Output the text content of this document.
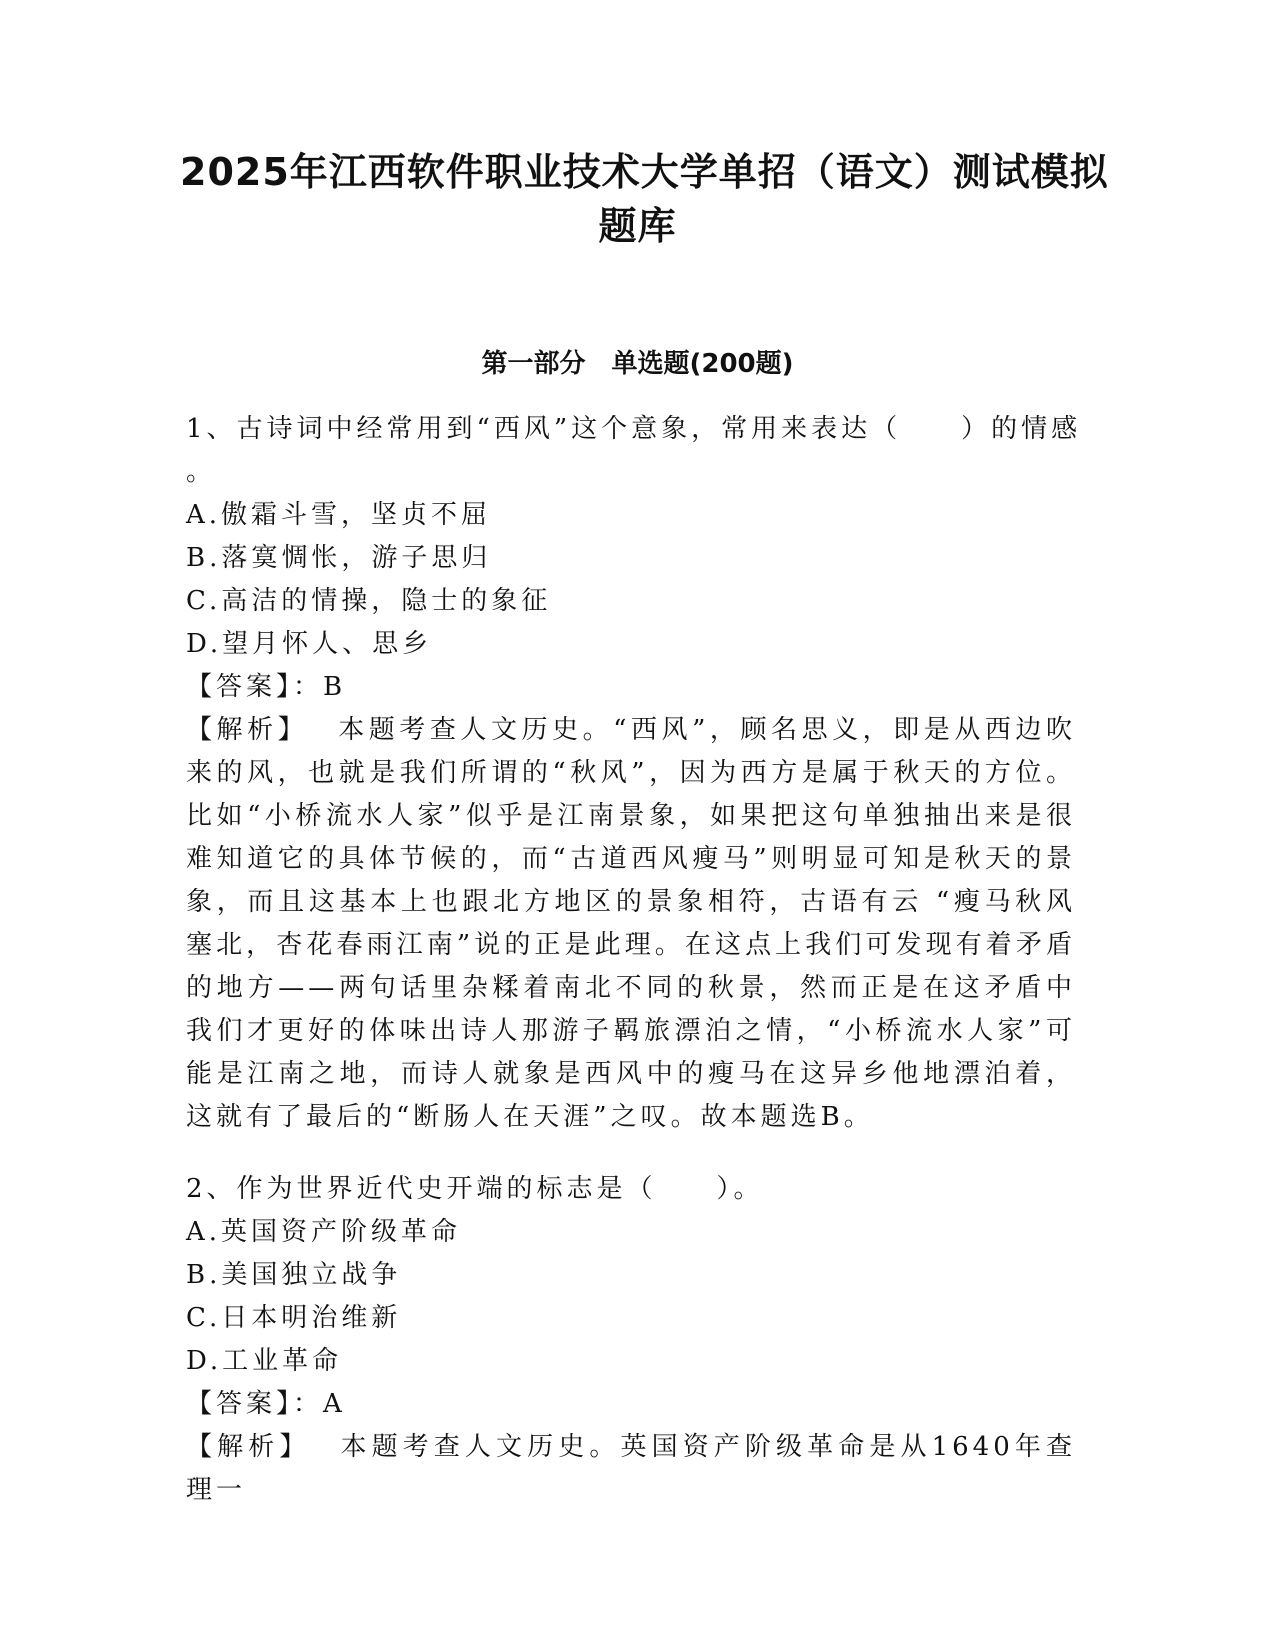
2025年江西软件职业技术大学单招（语文）测试模拟
题库
第一部分　单选题(200题)
1、古诗词中经常用到“西风”这个意象，常用来表达（　　）的情感
。
A.傲霜斗雪，坚贞不屈
B.落寞惆怅，游子思归
C.高洁的情操，隐士的象征
D.望月怀人、思乡
【答案】：B

【解析】 本题考查人文历史。“西风”，顾名思义，即是从西边吹来的风，也就是我们所谓的“秋风”，因为西方是属于秋天的方位。比如“小桥流水人家”似乎是江南景象，如果把这句单独抽出来是很难知道它的具体节候的，而“古道西风瘦马”则明显可知是秋天的景象，而且这基本上也跟北方地区的景象相符，古语有云 “瘦马秋风塞北，杏花春雨江南”说的正是此理。在这点上我们可发现有着矛盾的地方——两句话里杂糅着南北不同的秋景，然而正是在这矛盾中我们才更好的体味出诗人那游子羁旅漂泊之情，“小桥流水人家”可能是江南之地，而诗人就象是西风中的瘦马在这异乡他地漂泊着，这就有了最后的“断肠人在天涯”之叹。故本题选B。

2、作为世界近代史开端的标志是（　　）。
A.英国资产阶级革命
B.美国独立战争
C.日本明治维新
D.工业革命
【答案】：A

【解析】 本题考查人文历史。英国资产阶级革命是从1640年查理一
